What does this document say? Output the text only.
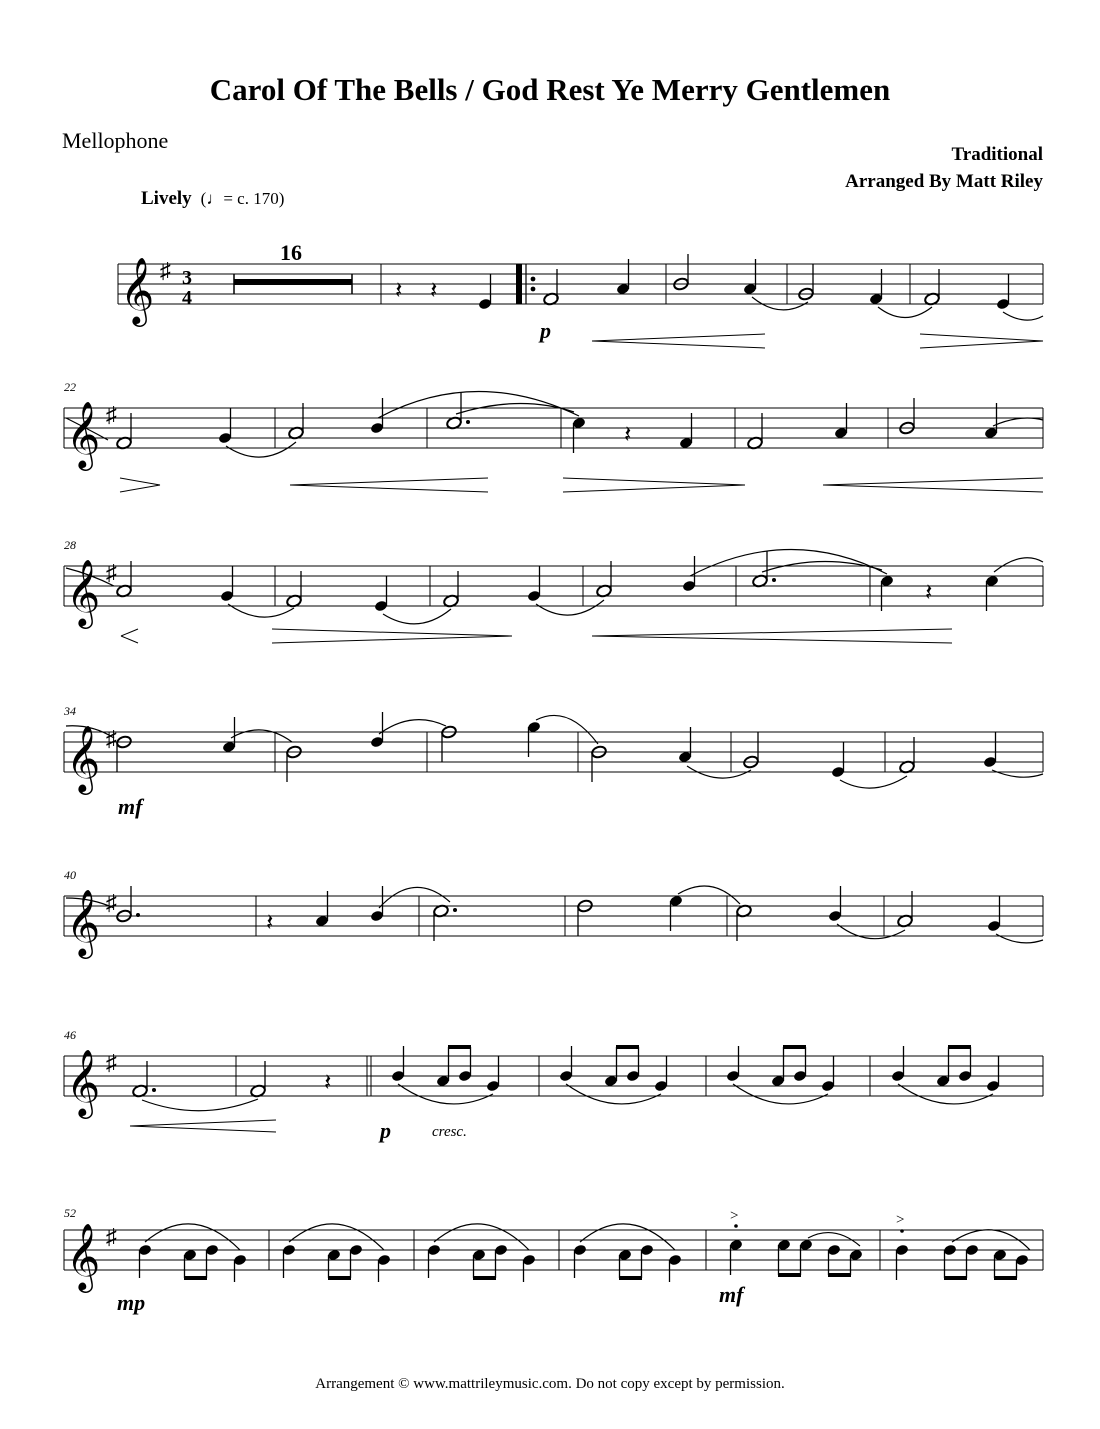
Carol Of The Bells / God Rest Ye Merry Gentlemen
Mellophone
Traditional
Arranged By Matt Riley
Lively  (♩= c. 170)
𝄞 ♯ 3
4
16
𝄽 𝄽
p
22
𝄞 ♯
𝄽
28
𝄞 ♯
𝄽
34
𝄞 ♯
mf
40
𝄞 ♯
𝄽
46
𝄞 ♯
𝄽
p	cresc.
52
𝄞 ♯
>	>
mp	mf
Arrangement © www.mattrileymusic.com. Do not copy except by permission.
